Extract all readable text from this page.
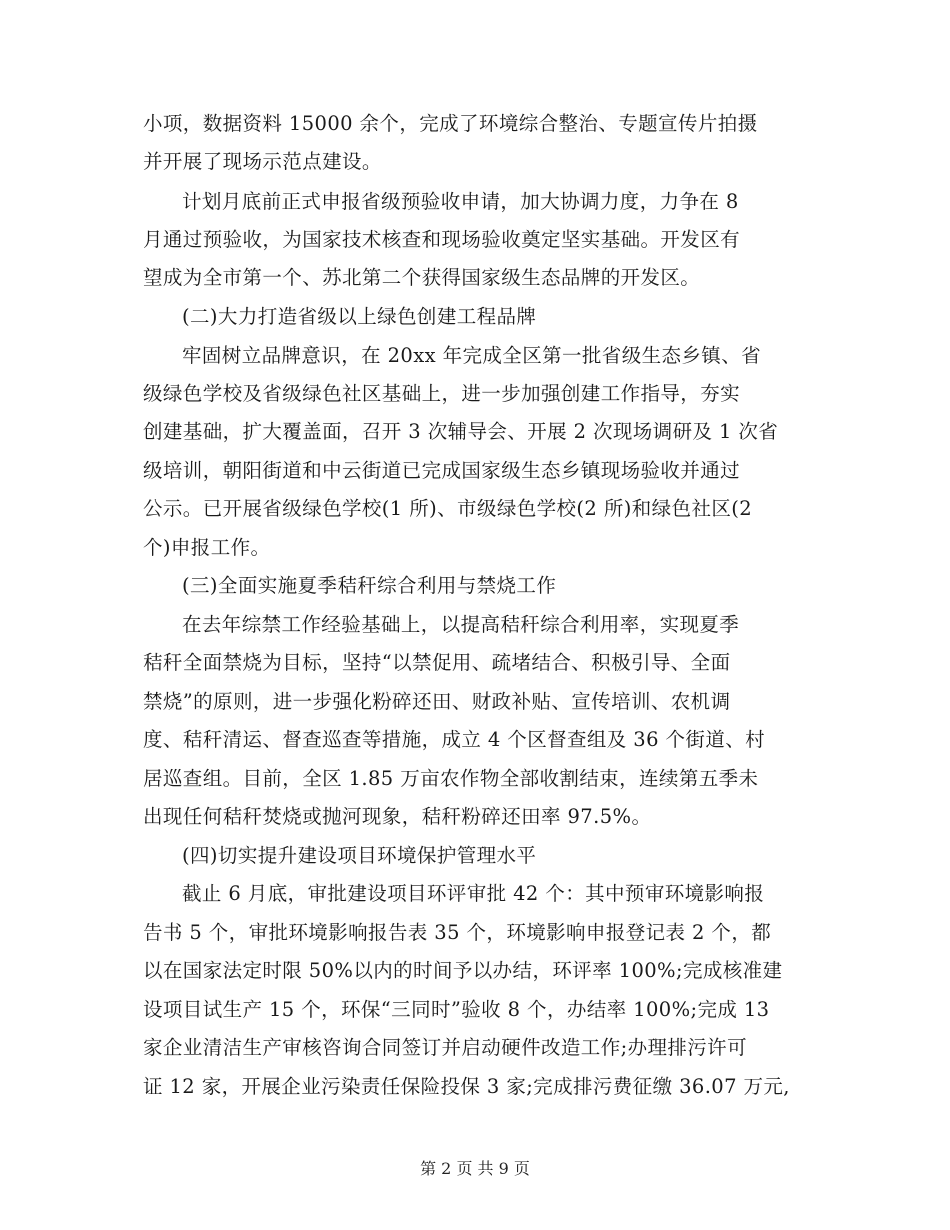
小项，数据资料 15000 余个，完成了环境综合整治、专题宣传片拍摄
并开展了现场示范点建设。
计划月底前正式申报省级预验收申请，加大协调力度，力争在 8
月通过预验收，为国家技术核查和现场验收奠定坚实基础。开发区有
望成为全市第一个、苏北第二个获得国家级生态品牌的开发区。
(二)大力打造省级以上绿色创建工程品牌
牢固树立品牌意识，在 20xx 年完成全区第一批省级生态乡镇、省
级绿色学校及省级绿色社区基础上，进一步加强创建工作指导，夯实
创建基础，扩大覆盖面，召开 3 次辅导会、开展 2 次现场调研及 1 次省
级培训，朝阳街道和中云街道已完成国家级生态乡镇现场验收并通过
公示。已开展省级绿色学校(1 所)、市级绿色学校(2 所)和绿色社区(2
个)申报工作。
(三)全面实施夏季秸秆综合利用与禁烧工作
在去年综禁工作经验基础上，以提高秸秆综合利用率，实现夏季
秸秆全面禁烧为目标，坚持“以禁促用、疏堵结合、积极引导、全面
禁烧”的原则，进一步强化粉碎还田、财政补贴、宣传培训、农机调
度、秸秆清运、督查巡查等措施，成立 4 个区督查组及 36 个街道、村
居巡查组。目前，全区 1.85 万亩农作物全部收割结束，连续第五季未
出现任何秸秆焚烧或抛河现象，秸秆粉碎还田率 97.5%。
(四)切实提升建设项目环境保护管理水平
截止 6 月底，审批建设项目环评审批 42 个：其中预审环境影响报
告书 5 个，审批环境影响报告表 35 个，环境影响申报登记表 2 个，都
以在国家法定时限 50%以内的时间予以办结，环评率 100%;完成核准建
设项目试生产 15 个，环保“三同时”验收 8 个，办结率 100%;完成 13
家企业清洁生产审核咨询合同签订并启动硬件改造工作;办理排污许可
证 12 家，开展企业污染责任保险投保 3 家;完成排污费征缴 36.07 万元,
第 2 页 共 9 页
